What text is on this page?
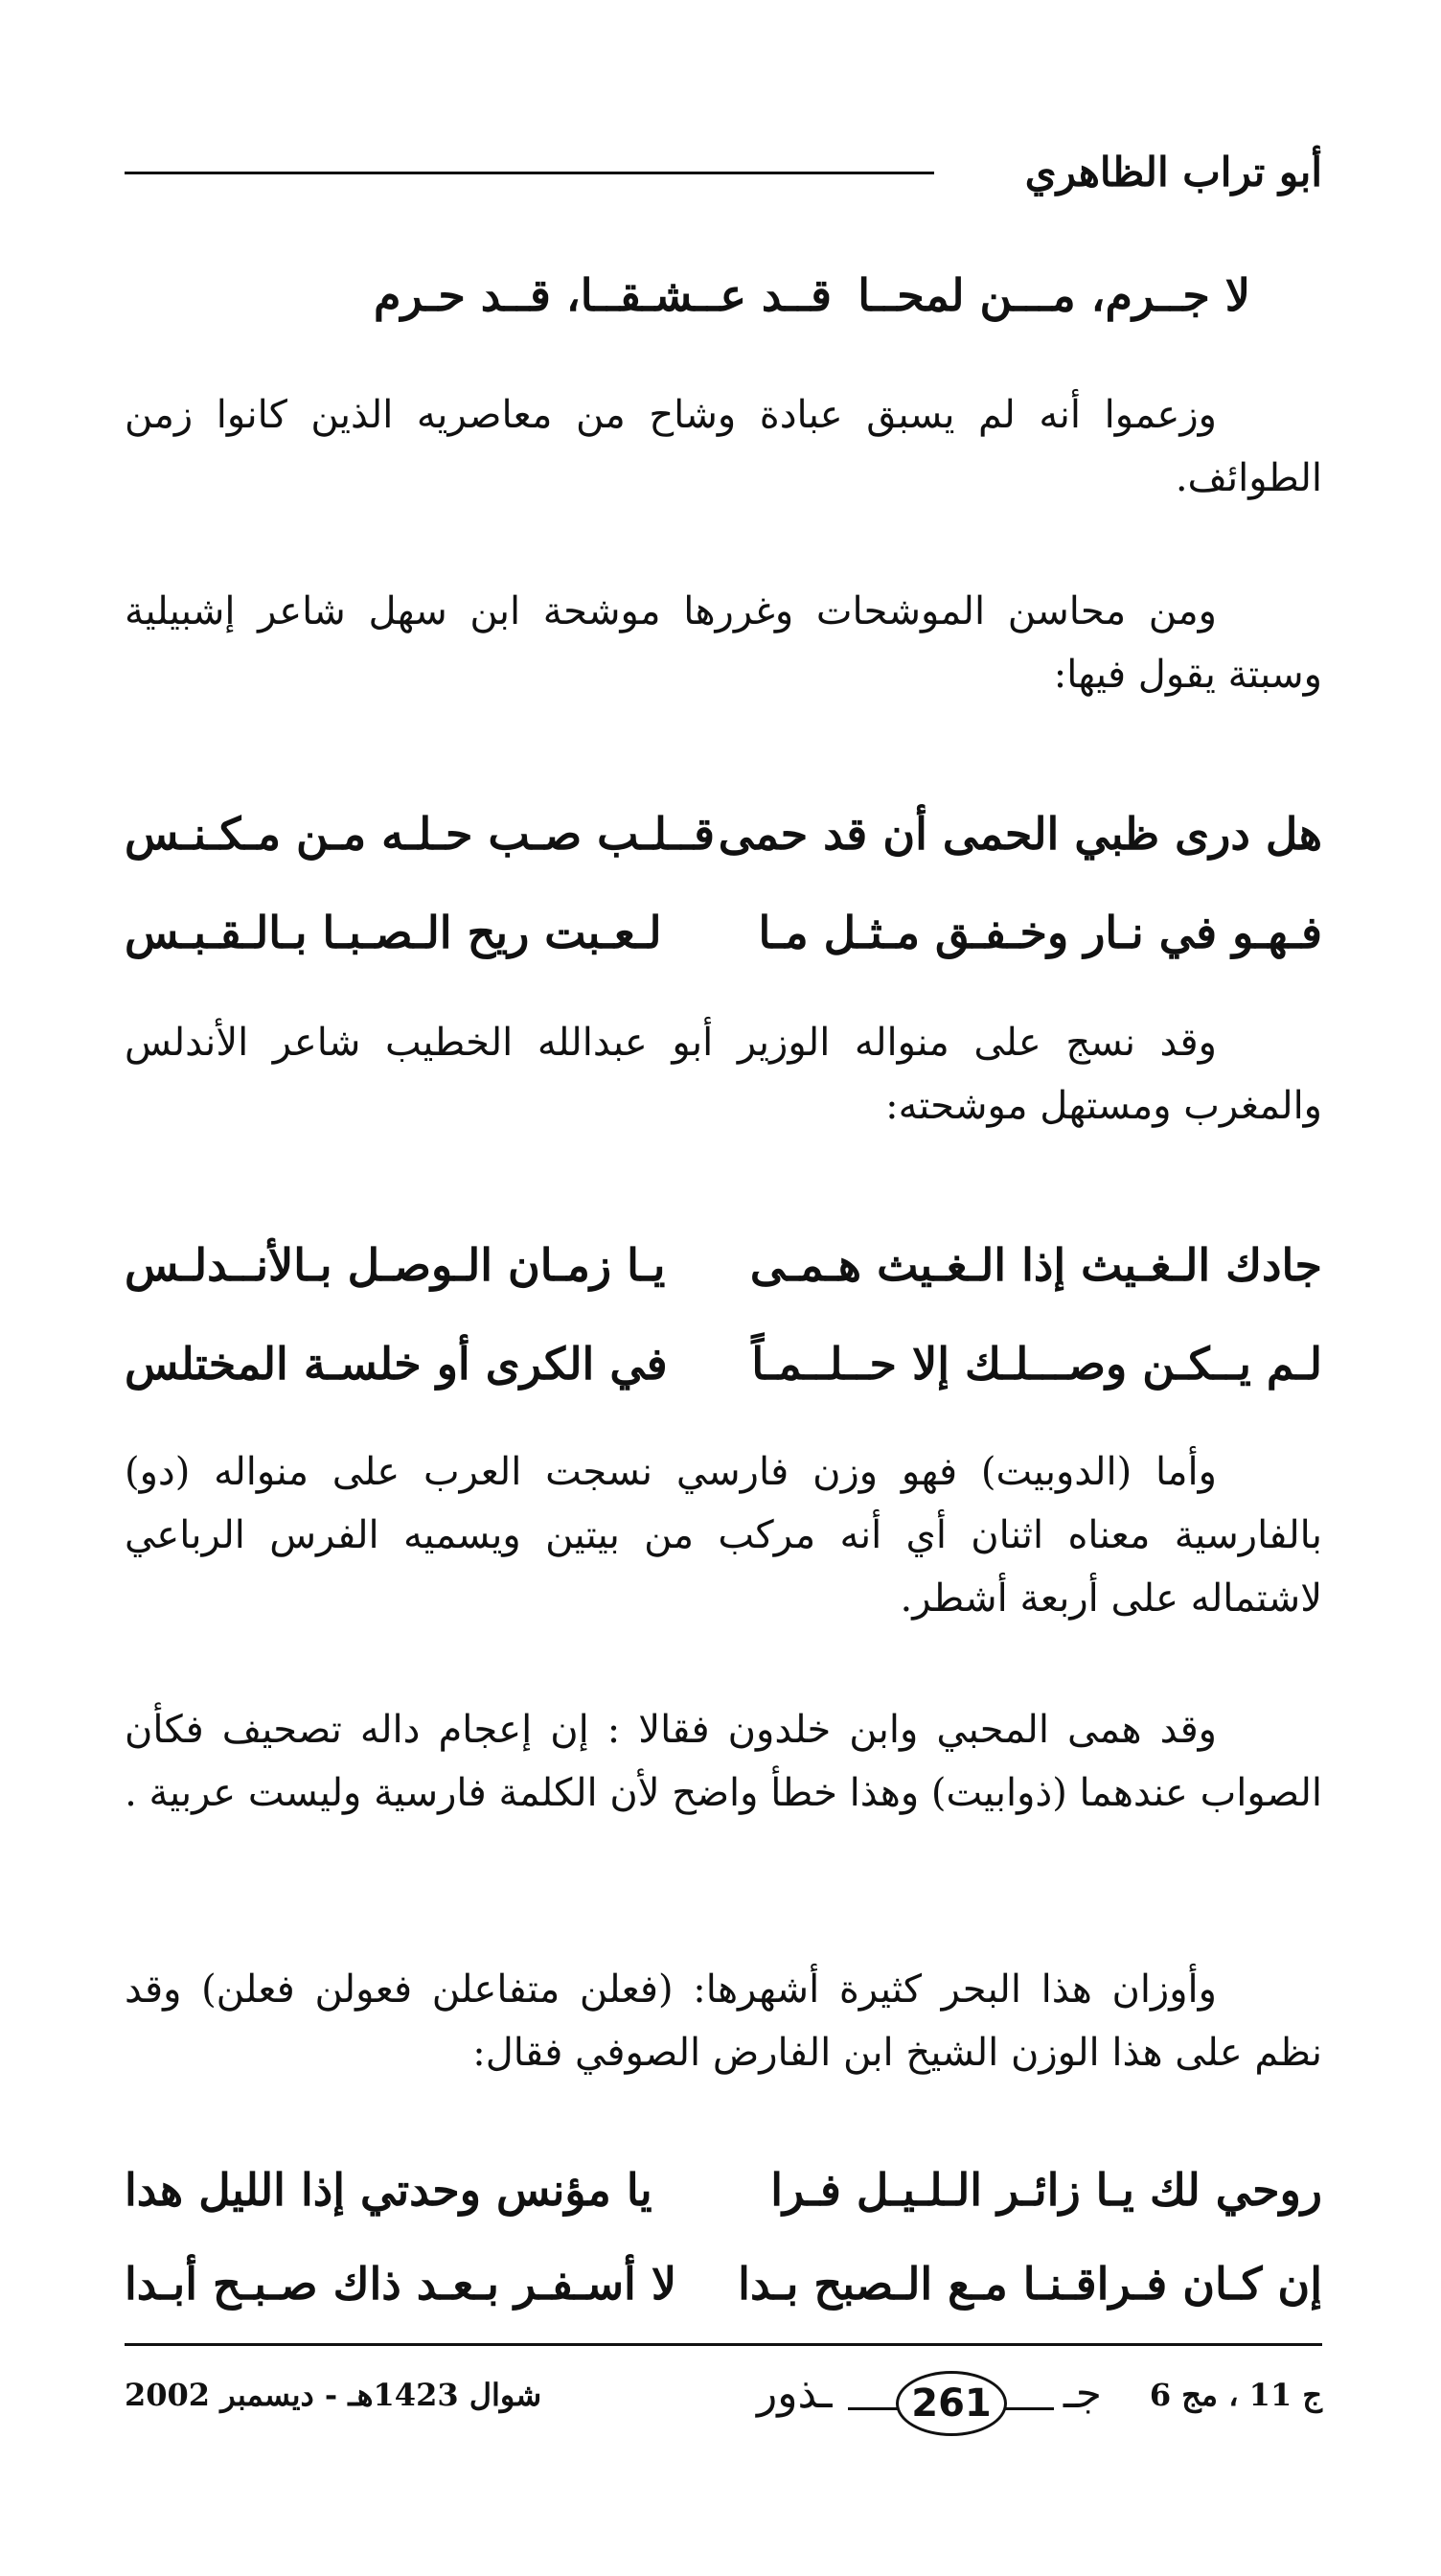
أبو تراب الظاهري
لا جــرم، مـــن لمحــا
قــد عــشـقــا، قــد حـرم

وزعموا أنه لم يسبق عبادة وشاح من معاصريه الذين كانوا زمن الطوائف.

ومن محاسن الموشحات وغررها موشحة ابن سهل شاعر إشبيلية وسبتة يقول فيها:

هل درى ظبي الحمى أن قد حمى
قــلـب صـب حـلـه مـن مـكـنـس
فـهـو في نـار وخـفـق مـثـل مـا
لـعـبت ريح الـصـبـا بـالـقـبـس

وقد نسج على منواله الوزير أبو عبدالله الخطيب شاعر الأندلس والمغرب ومستهل موشحته:

جادك الـغـيث إذا الـغـيث هـمـى
يـا زمـان الـوصـل بـالأنــدلـس
لـم يــكـن وصـــلـك إلا حــلــمـاً
في الكرى أو خلسـة المختلس

وأما (الدوبيت) فهو وزن فارسي نسجت العرب على منواله (دو) بالفارسية معناه اثنان أي أنه مركب من بيتين ويسميه الفرس الرباعي لاشتماله على أربعة أشطر.

وقد همى المحبي وابن خلدون فقالا : إن إعجام داله تصحيف فكأن الصواب عندهما (ذوابيت) وهذا خطأ واضح لأن الكلمة فارسية وليست عربية .

وأوزان هذا البحر كثيرة أشهرها: (فعلن متفاعلن فعولن فعلن) وقد نظم على هذا الوزن الشيخ ابن الفارض الصوفي فقال:

روحي لك يـا زائـر الـلـيـل فـرا
يا مؤنس وحدتي إذا الليل هدا
إن كـان فـراقـنـا مـع الـصبح بـدا
لا أسـفـر بـعـد ذاك صـبـح أبـدا
ج 11 ، مج 6
جـ
ـذور	261
شوال 1423هـ - ديسمبر 2002
